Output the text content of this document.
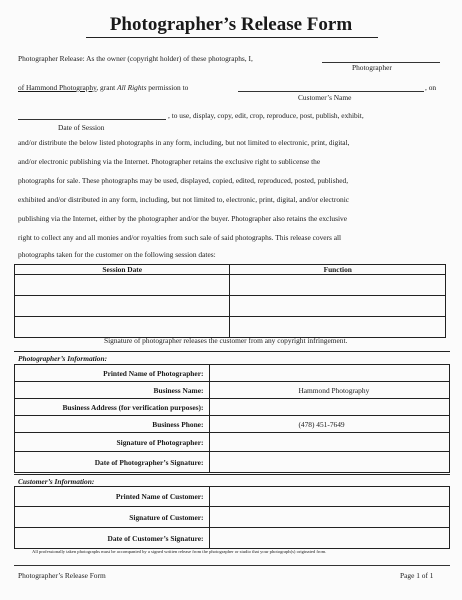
Photographer’s Release Form
Photographer Release: As the owner (copyright holder) of these photographs, I,
Photographer
of Hammond Photography, grant All Rights permission to	, on
Customer’s Name
, to use, display, copy, edit, crop, reproduce, post, publish, exhibit,
Date of Session
and/or distribute the below listed photographs in any form, including, but not limited to electronic, print, digital,
and/or electronic publishing via the Internet. Photographer retains the exclusive right to sublicense the
photographs for sale. These photographs may be used, displayed, copied, edited, reproduced, posted, published,
exhibited and/or distributed in any form, including, but not limited to, electronic, print, digital, and/or electronic
publishing via the Internet, either by the photographer and/or the buyer. Photographer also retains the exclusive
right to collect any and all monies and/or royalties from such sale of said photographs. This release covers all
photographs taken for the customer on the following session dates:
Session Date	Function

Signature of photographer releases the customer from any copyright infringement.
Photographer’s Information:
Printed Name of Photographer:	
Business Name:	Hammond Photography
Business Address (for verification purposes):	
Business Phone:	(478) 451-7649
Signature of Photographer:	
Date of Photographer’s Signature:	
Customer’s Information:
Printed Name of Customer:	
Signature of Customer:	
Date of Customer’s Signature:	
All professionally taken photographs must be accompanied by a signed written release from the photographer or studio that your photograph(s) originated from.
Photographer’s Release Form	Page 1 of 1
